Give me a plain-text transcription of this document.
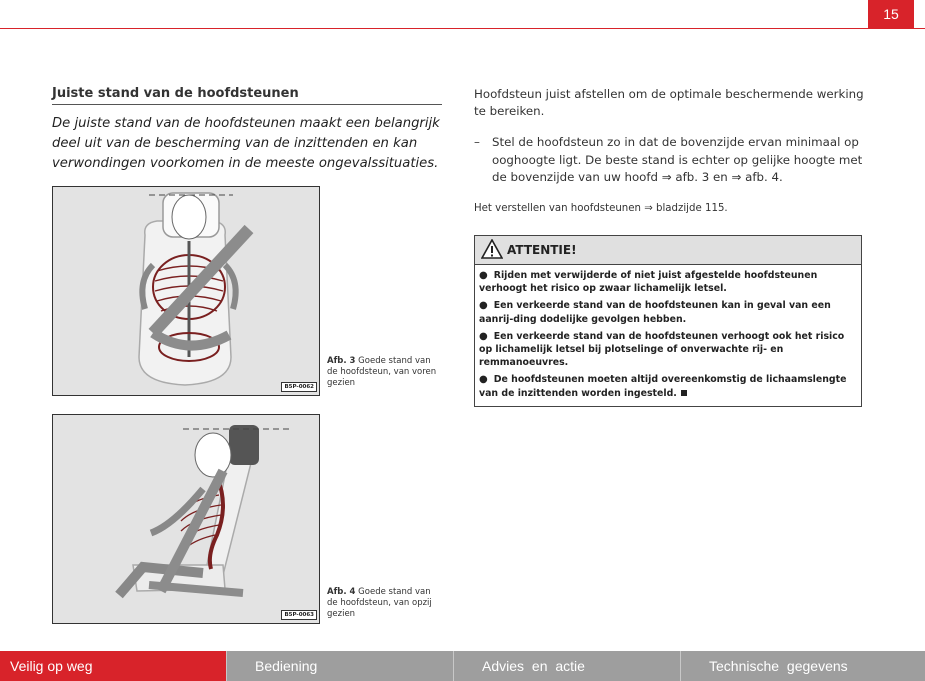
15
Juiste stand van de hoofdsteunen
De juiste stand van de hoofdsteunen maakt een belangrijk deel uit van de bescherming van de inzittenden en kan verwondingen voorkomen in de meeste ongevalssituaties.
B5P-0062
Afb. 3 Goede stand van de hoofdsteun, van voren gezien
B5P-0063
Afb. 4 Goede stand van de hoofdsteun, van opzij gezien
Hoofdsteun juist afstellen om de optimale beschermende werking te bereiken.
– Stel de hoofdsteun zo in dat de bovenzijde ervan minimaal op ooghoogte ligt. De beste stand is echter op gelijke hoogte met de bovenzijde van uw hoofd ⇒ afb. 3 en ⇒ afb. 4.
Het verstellen van hoofdsteunen ⇒ bladzijde 115.
ATTENTIE!
● Rijden met verwijderde of niet juist afgestelde hoofdsteunen verhoogt het risico op zwaar lichamelijk letsel.
● Een verkeerde stand van de hoofdsteunen kan in geval van een aanrij-ding dodelijke gevolgen hebben.
● Een verkeerde stand van de hoofdsteunen verhoogt ook het risico op lichamelijk letsel bij plotselinge of onverwachte rij- en remmanoeuvres.
● De hoofdsteunen moeten altijd overeenkomstig de lichaamslengte van de inzittenden worden ingesteld.
Veilig op weg	Bediening	Advies en actie	Technische gegevens
